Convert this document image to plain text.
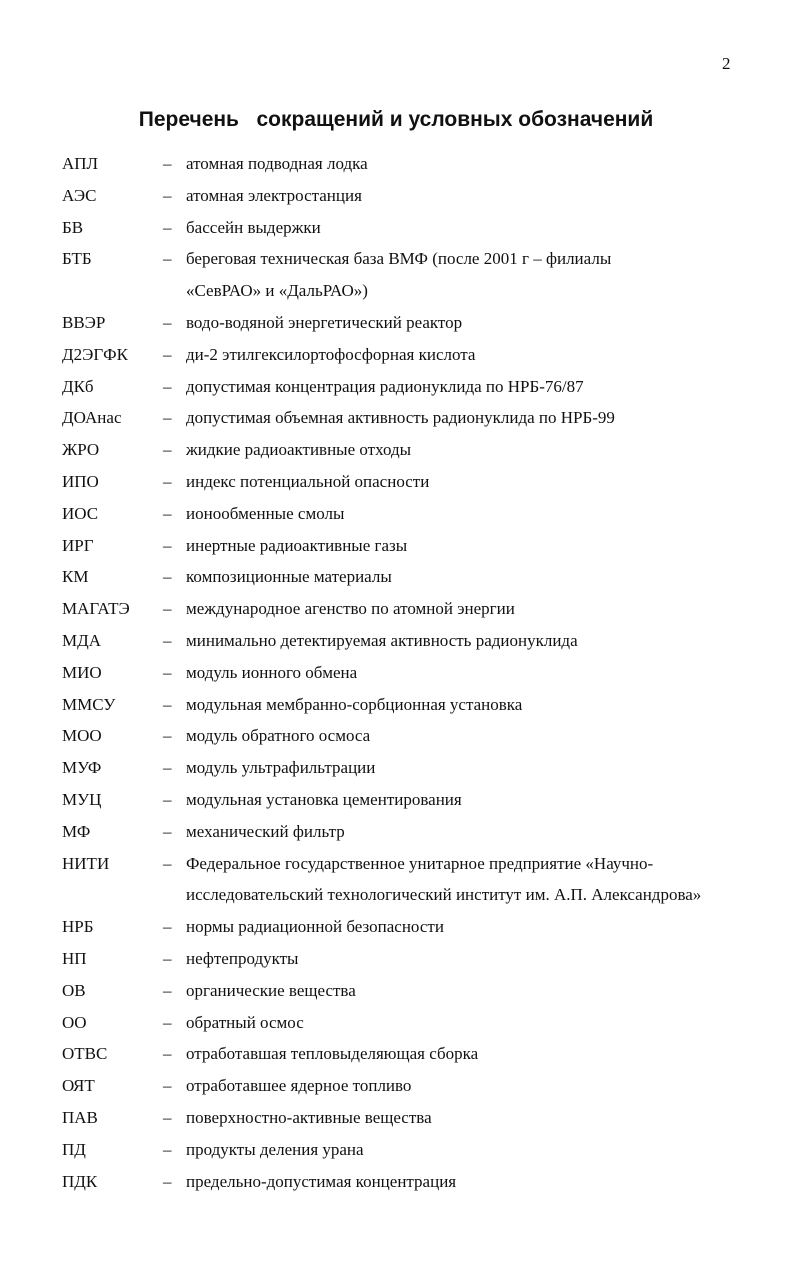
2
Перечень   сокращений и условных обозначений
АПЛ	– атомная подводная лодка
АЭС	– атомная электростанция
БВ	– бассейн выдержки
БТБ	– береговая техническая база ВМФ (после 2001 г – филиалы
«СевРАО» и «ДальРАО»)
ВВЭР	– водо-водяной энергетический реактор
Д2ЭГФК – ди-2 этилгексилортофосфорная кислота
ДКб	– допустимая концентрация радионуклида по НРБ-76/87
ДОАнас – допустимая объемная активность радионуклида по НРБ-99
ЖРО	– жидкие радиоактивные отходы
ИПО	– индекс потенциальной опасности
ИОС	– ионообменные смолы
ИРГ	– инертные радиоактивные газы
КМ	– композиционные материалы
МАГАТЭ – международное агенство по атомной энергии
МДА	– минимально детектируемая активность радионуклида
МИО	– модуль ионного обмена
ММСУ	– модульная мембранно-сорбционная установка
МОО	– модуль обратного осмоса
МУФ	– модуль ультрафильтрации
МУЦ	– модульная установка цементирования
МФ	– механический фильтр
НИТИ	– Федеральное государственное унитарное предприятие «Научно-
исследовательский технологический институт им. А.П. Александрова»
НРБ	– нормы радиационной безопасности
НП	– нефтепродукты
ОВ	– органические вещества
ОО	– обратный осмос
ОТВС	– отработавшая тепловыделяющая сборка
ОЯТ	– отработавшее ядерное топливо
ПАВ	– поверхностно-активные вещества
ПД	– продукты деления урана
ПДК	– предельно-допустимая концентрация
